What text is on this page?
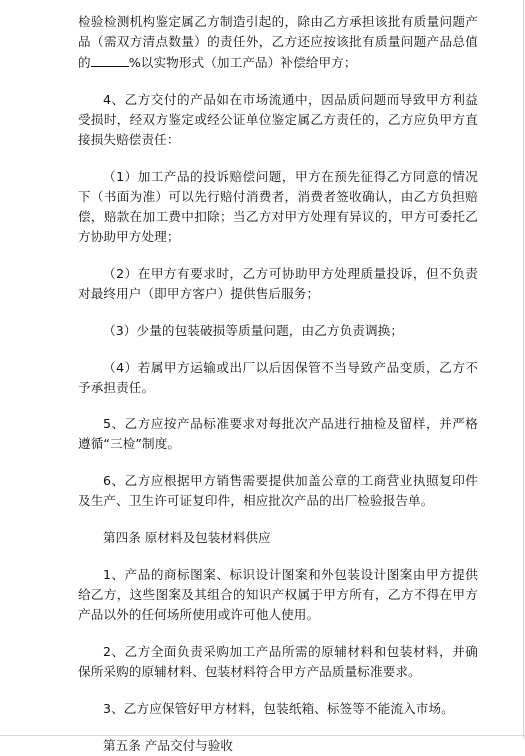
检验检测机构鉴定属乙方制造引起的，除由乙方承担该批有质量问题产品（需双方清点数量）的责任外，乙方还应按该批有质量问题产品总值的	%以实物形式（加工产品）补偿给甲方；

4、乙方交付的产品如在市场流通中，因品质问题而导致甲方利益受损时，经双方鉴定或经公证单位鉴定属乙方责任的，乙方应负甲方直接损失赔偿责任：

（1）加工产品的投诉赔偿问题，甲方在预先征得乙方同意的情况下（书面为准）可以先行赔付消费者，消费者签收确认，由乙方负担赔偿，赔款在加工费中扣除；当乙方对甲方处理有异议的，甲方可委托乙方协助甲方处理；

（2）在甲方有要求时，乙方可协助甲方处理质量投诉，但不负责对最终用户（即甲方客户）提供售后服务；

（3）少量的包装破损等质量问题，由乙方负责调换；

（4）若属甲方运输或出厂以后因保管不当导致产品变质，乙方不予承担责任。

5、乙方应按产品标准要求对每批次产品进行抽检及留样，并严格遵循“三检”制度。

6、乙方应根据甲方销售需要提供加盖公章的工商营业执照复印件及生产、卫生许可证复印件，相应批次产品的出厂检验报告单。

第四条 原材料及包装材料供应

1、产品的商标图案、标识设计图案和外包装设计图案由甲方提供给乙方，这些图案及其组合的知识产权属于甲方所有，乙方不得在甲方产品以外的任何场所使用或许可他人使用。

2、乙方全面负责采购加工产品所需的原辅材料和包装材料，并确保所采购的原辅材料、包装材料符合甲方产品质量标准要求。

3、乙方应保管好甲方材料，包装纸箱、标签等不能流入市场。

第五条 产品交付与验收
